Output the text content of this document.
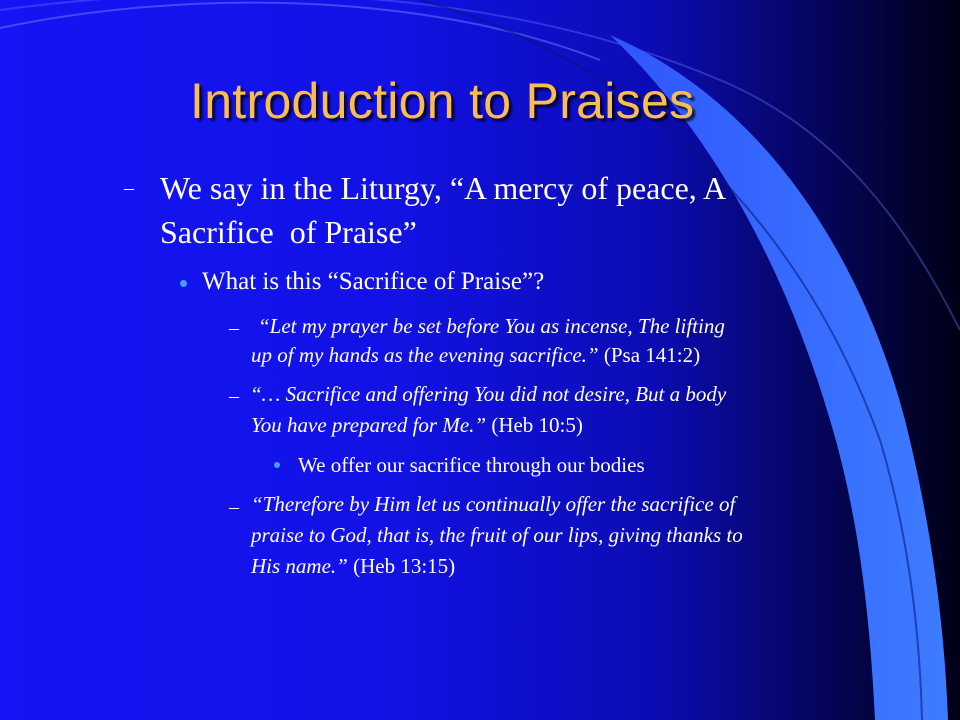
Introduction to Praises
– We say in the Liturgy, “A mercy of peace, A
Sacrifice  of Praise”
What is this “Sacrifice of Praise”?
– “Let my prayer be set before You as incense, The lifting
up of my hands as the evening sacrifice.” (Psa 141:2)
– “… Sacrifice and offering You did not desire, But a body
You have prepared for Me.” (Heb 10:5)
We offer our sacrifice through our bodies
– “Therefore by Him let us continually offer the sacrifice of
praise to God, that is, the fruit of our lips, giving thanks to
His name.” (Heb 13:15)
